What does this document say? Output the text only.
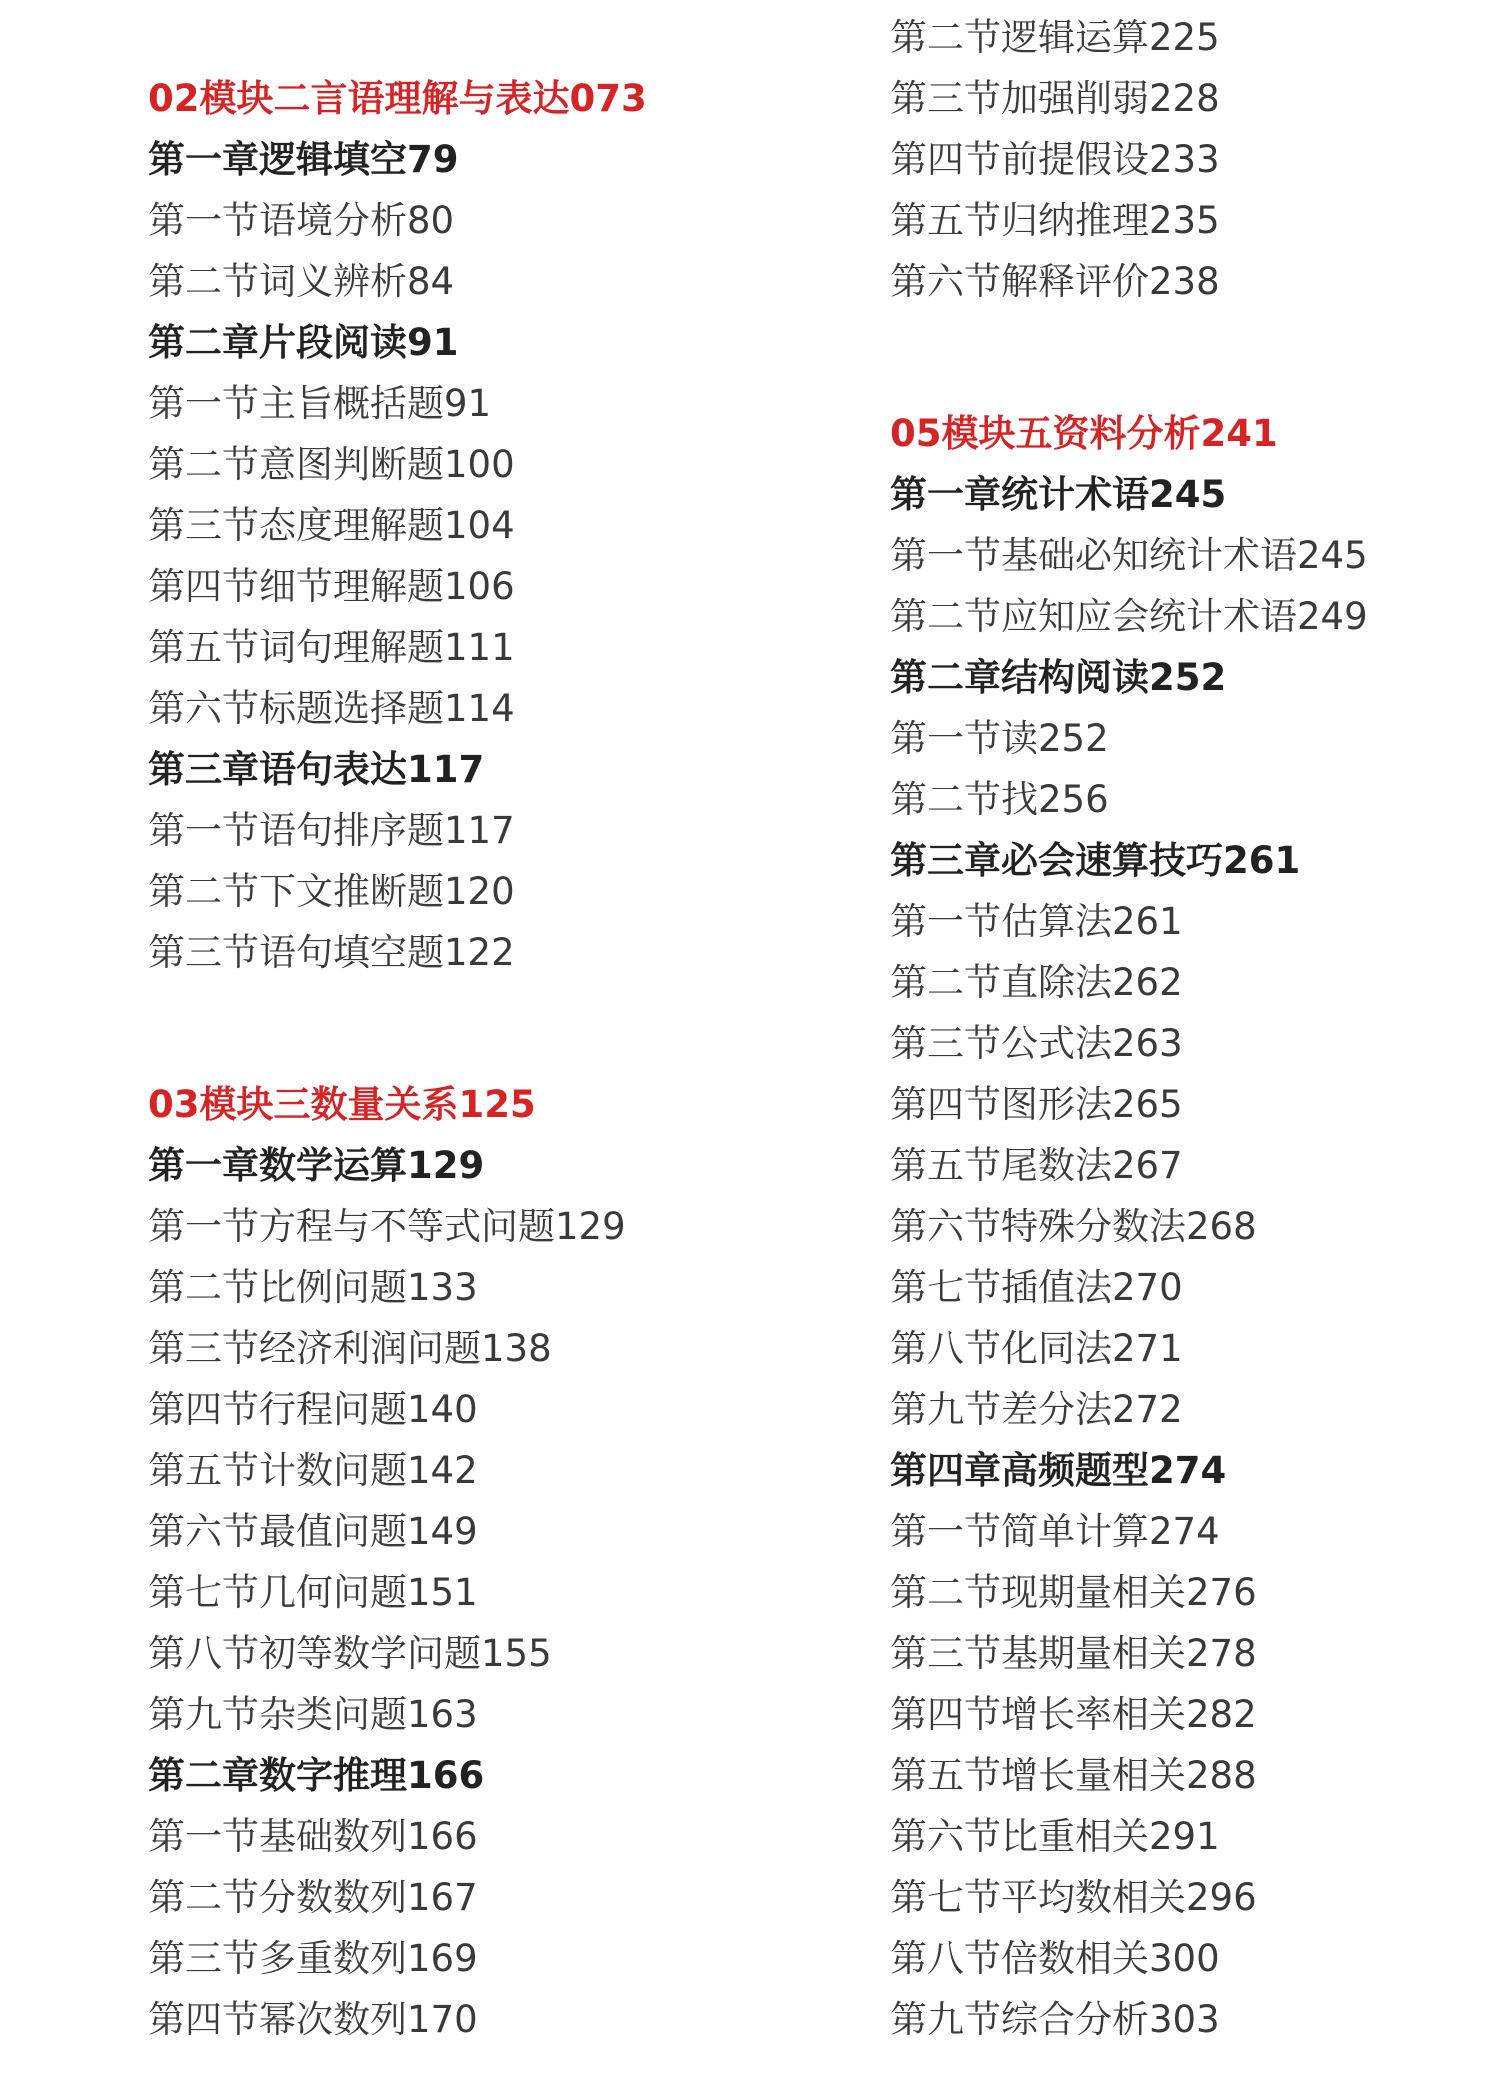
02模块二言语理解与表达073
第一章逻辑填空79
第一节语境分析80
第二节词义辨析84
第二章片段阅读91
第一节主旨概括题91
第二节意图判断题100
第三节态度理解题104
第四节细节理解题106
第五节词句理解题111
第六节标题选择题114
第三章语句表达117
第一节语句排序题117
第二节下文推断题120
第三节语句填空题122
03模块三数量关系125
第一章数学运算129
第一节方程与不等式问题129
第二节比例问题133
第三节经济利润问题138
第四节行程问题140
第五节计数问题142
第六节最值问题149
第七节几何问题151
第八节初等数学问题155
第九节杂类问题163
第二章数字推理166
第一节基础数列166
第二节分数数列167
第三节多重数列169
第四节幂次数列170
第二节逻辑运算225
第三节加强削弱228
第四节前提假设233
第五节归纳推理235
第六节解释评价238
05模块五资料分析241
第一章统计术语245
第一节基础必知统计术语245
第二节应知应会统计术语249
第二章结构阅读252
第一节读252
第二节找256
第三章必会速算技巧261
第一节估算法261
第二节直除法262
第三节公式法263
第四节图形法265
第五节尾数法267
第六节特殊分数法268
第七节插值法270
第八节化同法271
第九节差分法272
第四章高频题型274
第一节简单计算274
第二节现期量相关276
第三节基期量相关278
第四节增长率相关282
第五节增长量相关288
第六节比重相关291
第七节平均数相关296
第八节倍数相关300
第九节综合分析303
